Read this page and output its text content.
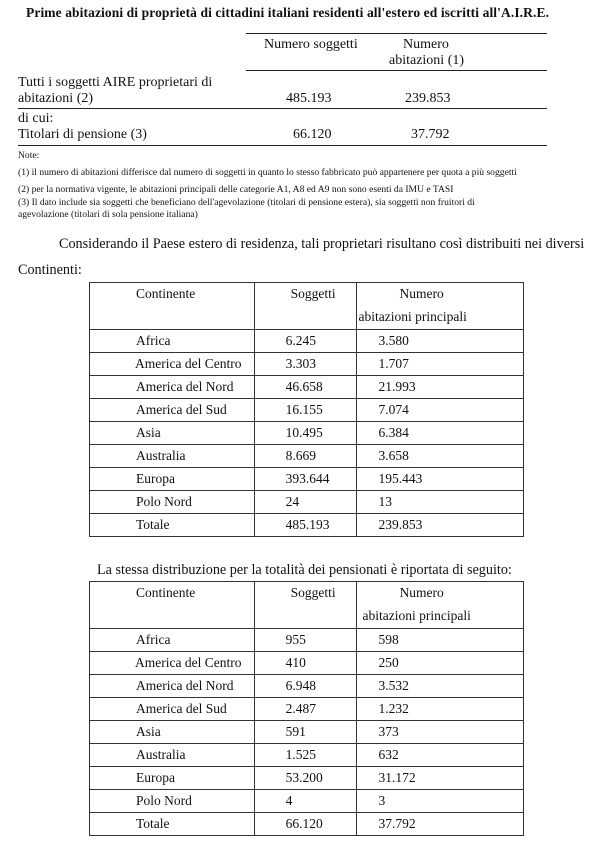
Prime abitazioni di proprietà di cittadini italiani residenti all'estero ed iscritti all'A.I.R.E.
Numero soggetti	Numero
abitazioni (1)
Tutti i soggetti AIRE proprietari di
abitazioni (2)	485.193	239.853
di cui:
Titolari di pensione (3)	66.120	37.792
Note:
(1) il numero di abitazioni differisce dal numero di soggetti in quanto lo stesso fabbricato può appartenere per quota a più soggetti
(2) per la normativa vigente, le abitazioni principali delle categorie A1, A8 ed A9 non sono esenti da IMU e TASI
(3) Il dato include sia soggetti che beneficiano dell'agevolazione (titolari di pensione estera), sia soggetti non fruitori di
agevolazione (titolari di sola pensione italiana)
Considerando il Paese estero di residenza, tali proprietari risultano così distribuiti nei diversi
Continenti:
Continente	Soggetti	Numero
abitazioni principali

Africa	6.245	3.580
America del Centro	3.303	1.707
America del Nord	46.658	21.993
America del Sud	16.155	7.074
Asia	10.495	6.384
Australia	8.669	3.658
Europa	393.644	195.443
Polo Nord	24	13
Totale	485.193	239.853
La stessa distribuzione per la totalità dei pensionati è riportata di seguito:
Continente	Soggetti	Numero
abitazioni principali

Africa	955	598
America del Centro	410	250
America del Nord	6.948	3.532
America del Sud	2.487	1.232
Asia	591	373
Australia	1.525	632
Europa	53.200	31.172
Polo Nord	4	3
Totale	66.120	37.792
